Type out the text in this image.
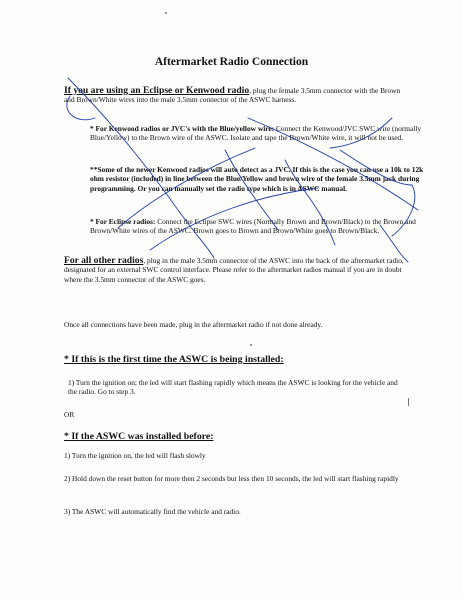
Aftermarket Radio Connection
If you are using an Eclipse or Kenwood radio, plug the female 3.5mm connector with the Brown and Brown/White wires into the male 3.5mm connector of the ASWC harness.
* For Kenwood radios or JVC's with the Blue/yellow wire: Connect the Kenwood/JVC SWC wire (normally Blue/Yellow) to the Brown wire of the ASWC. Isolate and tape the Brown/White wire, it will not be used.
**Some of the newer Kenwood radios will auto detect as a JVC. If this is the case you can use a 10k to 12k ohm resistor (included) in line between the Blue/Yellow and brown wire of the female 3.5mm jack during programming. Or you can manually set the radio type which is in ASWC manual.
* For Eclipse radios: Connect the Eclipse SWC wires (Normally Brown and Brown/Black) to the Brown and Brown/White wires of the ASWC. Brown goes to Brown and Brown/White goes to Brown/Black.
For all other radios, plug in the male 3.5mm connector of the ASWC into the back of the aftermarket radio, designated for an external SWC control interface. Please refer to the aftermarket radios manual if you are in doubt where the 3.5mm connector of the ASWC goes.
Once all connections have been made, plug in the aftermarket radio if not done already.
* If this is the first time the ASWC is being installed:
1) Turn the ignition on; the led will start flashing rapidly which means the ASWC is looking for the vehicle and the radio. Go to step 3.
OR
* If the ASWC was installed before:
1) Turn the ignition on, the led will flash slowly
2) Hold down the reset button for more then 2 seconds but less then 10 seconds, the led will start flashing rapidly
3) The ASWC will automatically find the vehicle and radio.
